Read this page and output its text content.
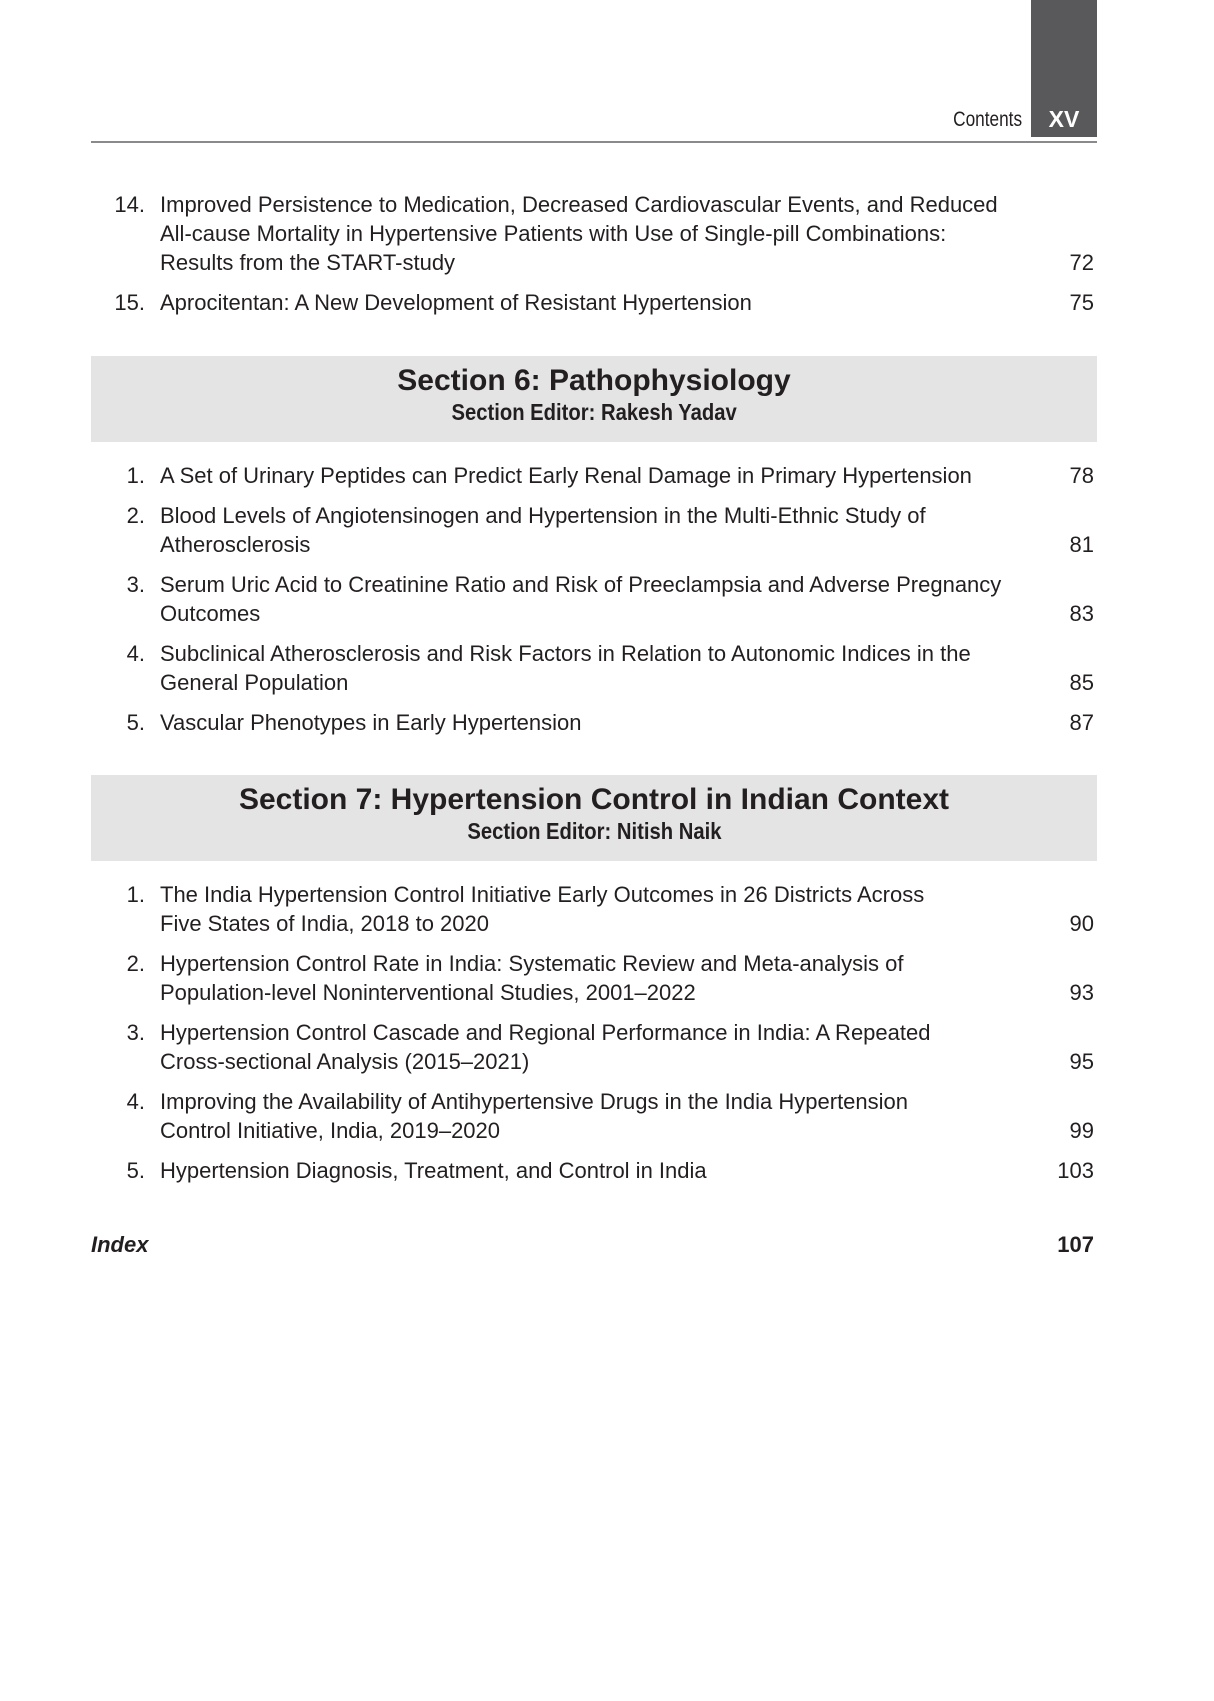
XV
Contents
14. Improved Persistence to Medication, Decreased Cardiovascular Events, and Reduced
All-cause Mortality in Hypertensive Patients with Use of Single-pill Combinations:
Results from the START-study	72
15. Aprocitentan: A New Development of Resistant Hypertension	75
Section 6: Pathophysiology
Section Editor: Rakesh Yadav
1. A Set of Urinary Peptides can Predict Early Renal Damage in Primary Hypertension	78
2. Blood Levels of Angiotensinogen and Hypertension in the Multi-Ethnic Study of
Atherosclerosis	81
3. Serum Uric Acid to Creatinine Ratio and Risk of Preeclampsia and Adverse Pregnancy
Outcomes	83
4. Subclinical Atherosclerosis and Risk Factors in Relation to Autonomic Indices in the
General Population	85
5. Vascular Phenotypes in Early Hypertension	87
Section 7: Hypertension Control in Indian Context
Section Editor: Nitish Naik
1. The India Hypertension Control Initiative Early Outcomes in 26 Districts Across
Five States of India, 2018 to 2020	90
2. Hypertension Control Rate in India: Systematic Review and Meta-analysis of
Population-level Noninterventional Studies, 2001–2022	93
3. Hypertension Control Cascade and Regional Performance in India: A Repeated
Cross-sectional Analysis (2015–2021)	95
4. Improving the Availability of Antihypertensive Drugs in the India Hypertension
Control Initiative, India, 2019–2020	99
5. Hypertension Diagnosis, Treatment, and Control in India	103
Index	107
